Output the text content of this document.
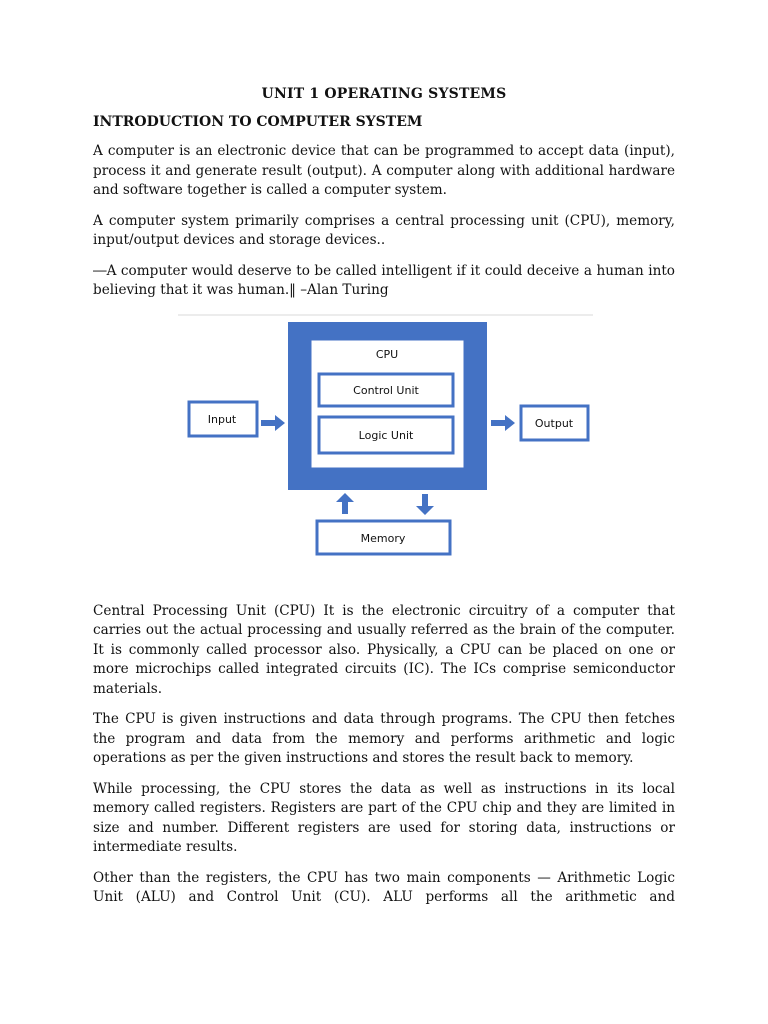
UNIT 1 OPERATING SYSTEMS
INTRODUCTION TO COMPUTER SYSTEM

A computer is an electronic device that can be programmed to accept data (input), process it and generate result (output). A computer along with additional hardware and software together is called a computer system.

A computer system primarily comprises a central processing unit (CPU), memory, input/output devices and storage devices..

―A computer would deserve to be called intelligent if it could deceive a human into believing that it was human.‖ –Alan Turing

CPU
Control Unit
Logic Unit
Input	Output
Memory

Central Processing Unit (CPU) It is the electronic circuitry of a computer that carries out the actual processing and usually referred as the brain of the computer. It is commonly called processor also. Physically, a CPU can be placed on one or more microchips called integrated circuits (IC). The ICs comprise semiconductor materials.

The CPU is given instructions and data through programs. The CPU then fetches the program and data from the memory and performs arithmetic and logic operations as per the given instructions and stores the result back to memory.

While processing, the CPU stores the data as well as instructions in its local memory called registers. Registers are part of the CPU chip and they are limited in size and number. Different registers are used for storing data, instructions or intermediate results.

Other than the registers, the CPU has two main components — Arithmetic Logic Unit (ALU) and Control Unit (CU). ALU performs all the arithmetic and
